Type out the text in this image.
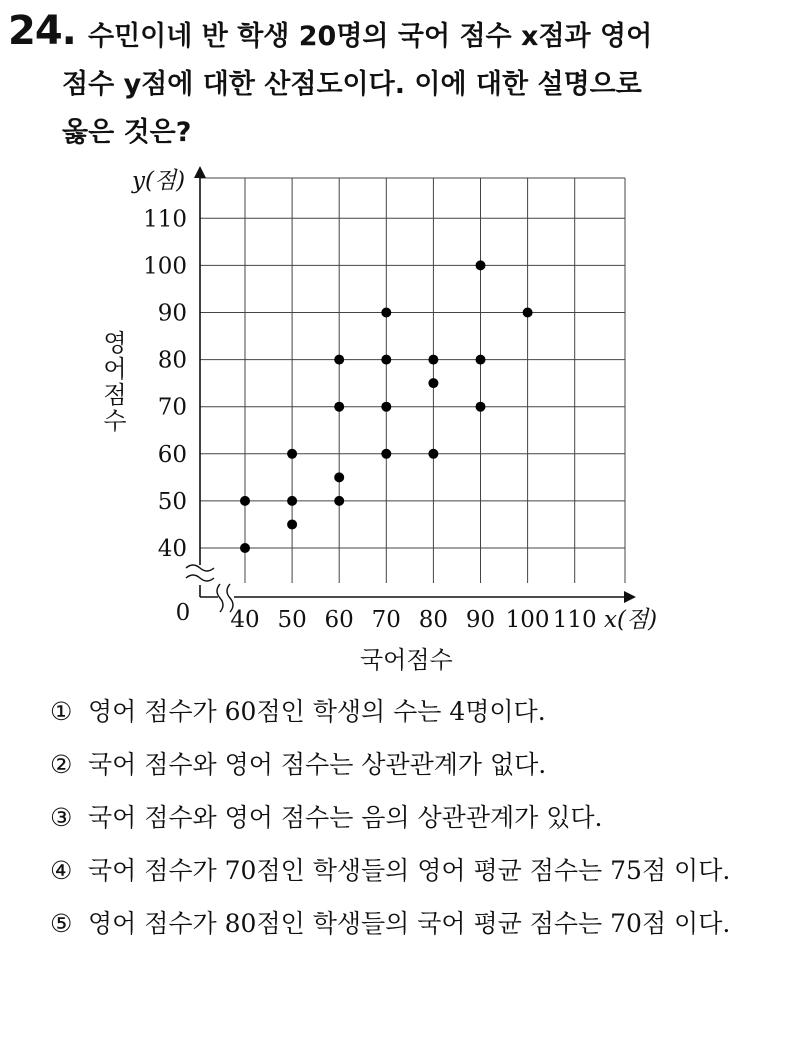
24. 수민이네 반 학생 20명의 국어 점수 x점과 영어
점수 y점에 대한 산점도이다. 이에 대한 설명으로
옳은 것은?
40
50
60
70
80
90
100
110
40 50 60 70 80 90 100 110
0
y(점)
x(점)
영어점수
국어점수
① 영어 점수가 60점인 학생의 수는 4명이다.
② 국어 점수와 영어 점수는 상관관계가 없다.
③ 국어 점수와 영어 점수는 음의 상관관계가 있다.
④ 국어 점수가 70점인 학생들의 영어 평균 점수는 75점 이다.
⑤ 영어 점수가 80점인 학생들의 국어 평균 점수는 70점 이다.
